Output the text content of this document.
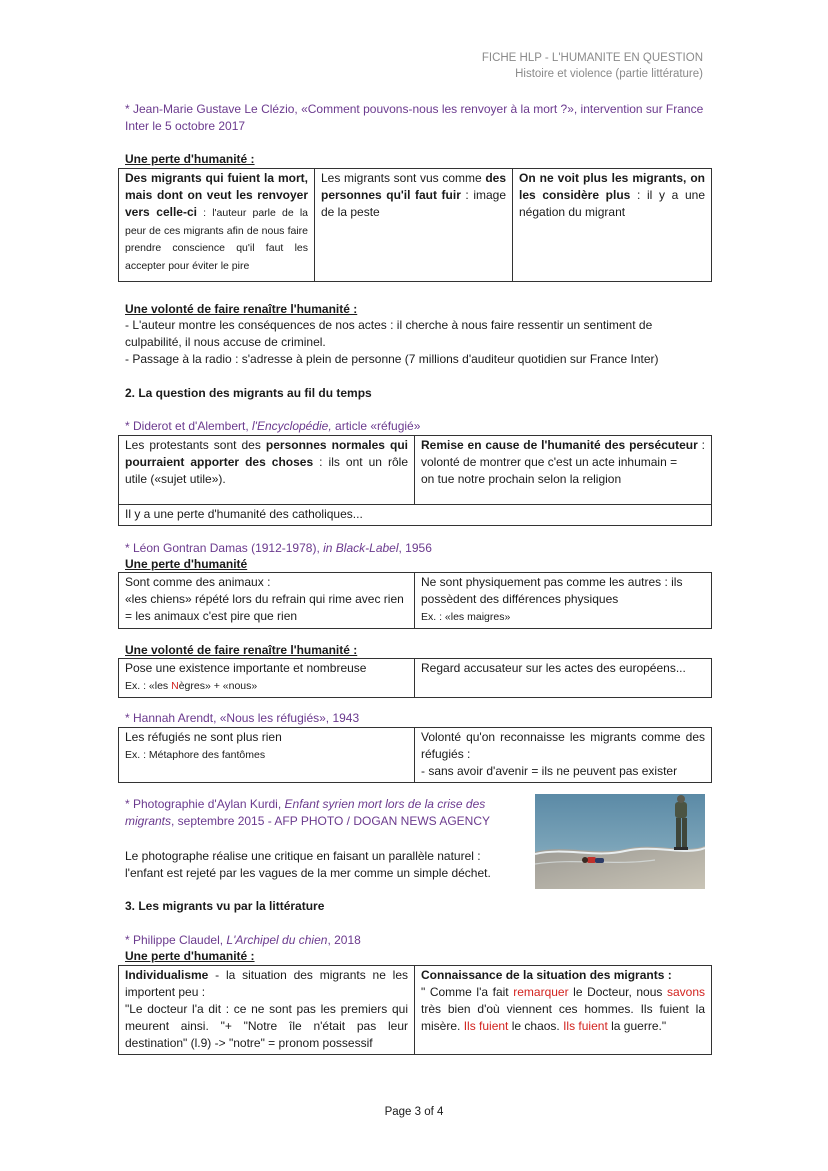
FICHE HLP - L'HUMANITE EN QUESTION
Histoire et violence (partie littérature)
* Jean-Marie Gustave Le Clézio, «Comment pouvons-nous les renvoyer à la mort ?», intervention sur France Inter le 5 octobre 2017
Une perte d'humanité :
Des migrants qui fuient la mort, mais dont on veut les renvoyer vers celle-ci : l'auteur parle de la peur de ces migrants afin de nous faire prendre conscience qu'il faut les accepter pour éviter le pire	Les migrants sont vus comme des personnes qu'il faut fuir : image de la peste	On ne voit plus les migrants, on les considère plus : il y a une négation du migrant
Une volonté de faire renaître l'humanité :
- L'auteur montre les conséquences de nos actes : il cherche à nous faire ressentir un sentiment de culpabilité, il nous accuse de criminel.
- Passage à la radio : s'adresse à plein de personne (7 millions d'auditeur quotidien sur France Inter)
2. La question des migrants au fil du temps
* Diderot et d'Alembert, l'Encyclopédie, article «réfugié»
Les protestants sont des personnes normales qui pourraient apporter des choses : ils ont un rôle utile («sujet utile»).	Remise en cause de l'humanité des persécuteur : volonté de montrer que c'est un acte inhumain =
on tue notre prochain selon la religion
Il y a une perte d'humanité des catholiques...
* Léon Gontran Damas (1912-1978), in Black-Label, 1956
Une perte d'humanité
Sont comme des animaux :
«les chiens» répété lors du refrain qui rime avec rien = les animaux c'est pire que rien	Ne sont physiquement pas comme les autres : ils possèdent des différences physiques
Ex. : «les maigres»
Une volonté de faire renaître l'humanité :
Pose une existence importante et nombreuse
Ex. : «les Nègres» + «nous»	Regard accusateur sur les actes des européens...
* Hannah Arendt, «Nous les réfugiés», 1943
Les réfugiés ne sont plus rien
Ex. : Métaphore des fantômes	Volonté qu'on reconnaisse les migrants comme des réfugiés :
- sans avoir d'avenir = ils ne peuvent pas exister
* Photographie d'Aylan Kurdi, Enfant syrien mort lors de la crise des migrants, septembre 2015 - AFP PHOTO / DOGAN NEWS AGENCY
Le photographe réalise une critique en faisant un parallèle naturel : l'enfant est rejeté par les vagues de la mer comme un simple déchet.
3. Les migrants vu par la littérature
* Philippe Claudel, L'Archipel du chien, 2018
Une perte d'humanité :
Individualisme - la situation des migrants ne les importent peu :
"Le docteur l'a dit : ce ne sont pas les premiers qui meurent ainsi. "+ "Notre île n'était pas leur destination" (l.9) -> "notre" = pronom possessif	Connaissance de la situation des migrants :
" Comme l'a fait remarquer le Docteur, nous savons très bien d'où viennent ces hommes. Ils fuient la misère. Ils fuient le chaos. Ils fuient la guerre."
Page 3 of 4
